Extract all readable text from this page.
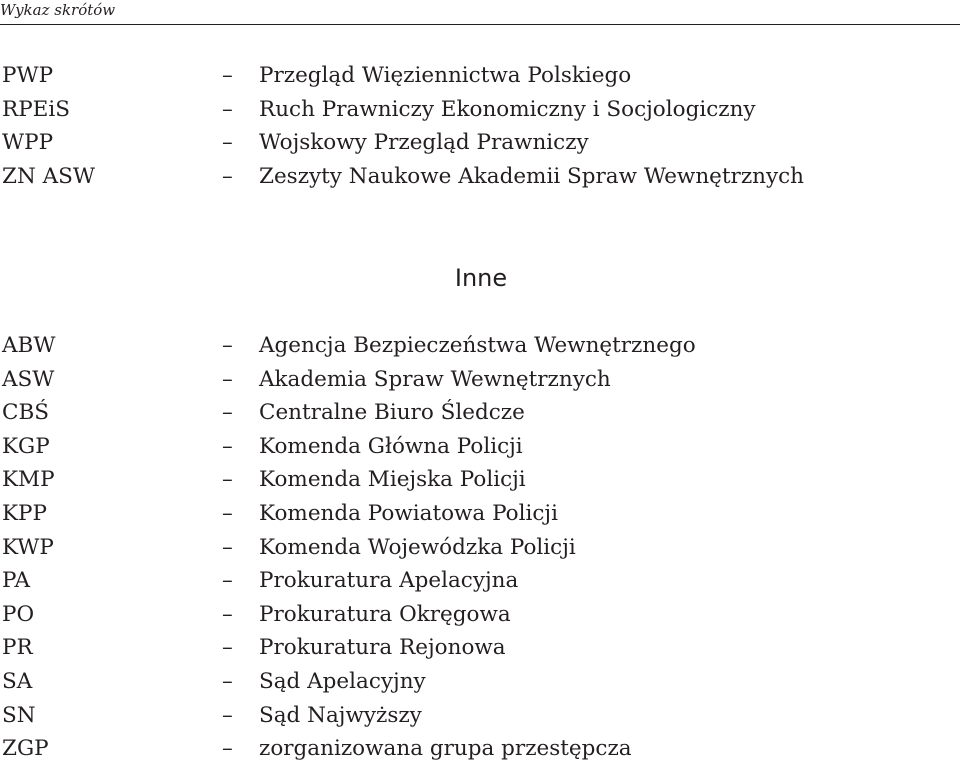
Wykaz skrótów
PWP	– Przegląd Więziennictwa Polskiego
RPEiS	– Ruch Prawniczy Ekonomiczny i Socjologiczny
WPP	– Wojskowy Przegląd Prawniczy
ZN ASW	– Zeszyty Naukowe Akademii Spraw Wewnętrznych
Inne
ABW	– Agencja Bezpieczeństwa Wewnętrznego
ASW	– Akademia Spraw Wewnętrznych
CBŚ	– Centralne Biuro Śledcze
KGP	– Komenda Główna Policji
KMP	– Komenda Miejska Policji
KPP	– Komenda Powiatowa Policji
KWP	– Komenda Wojewódzka Policji
PA	– Prokuratura Apelacyjna
PO	– Prokuratura Okręgowa
PR	– Prokuratura Rejonowa
SA	– Sąd Apelacyjny
SN	– Sąd Najwyższy
ZGP	– zorganizowana grupa przestępcza
